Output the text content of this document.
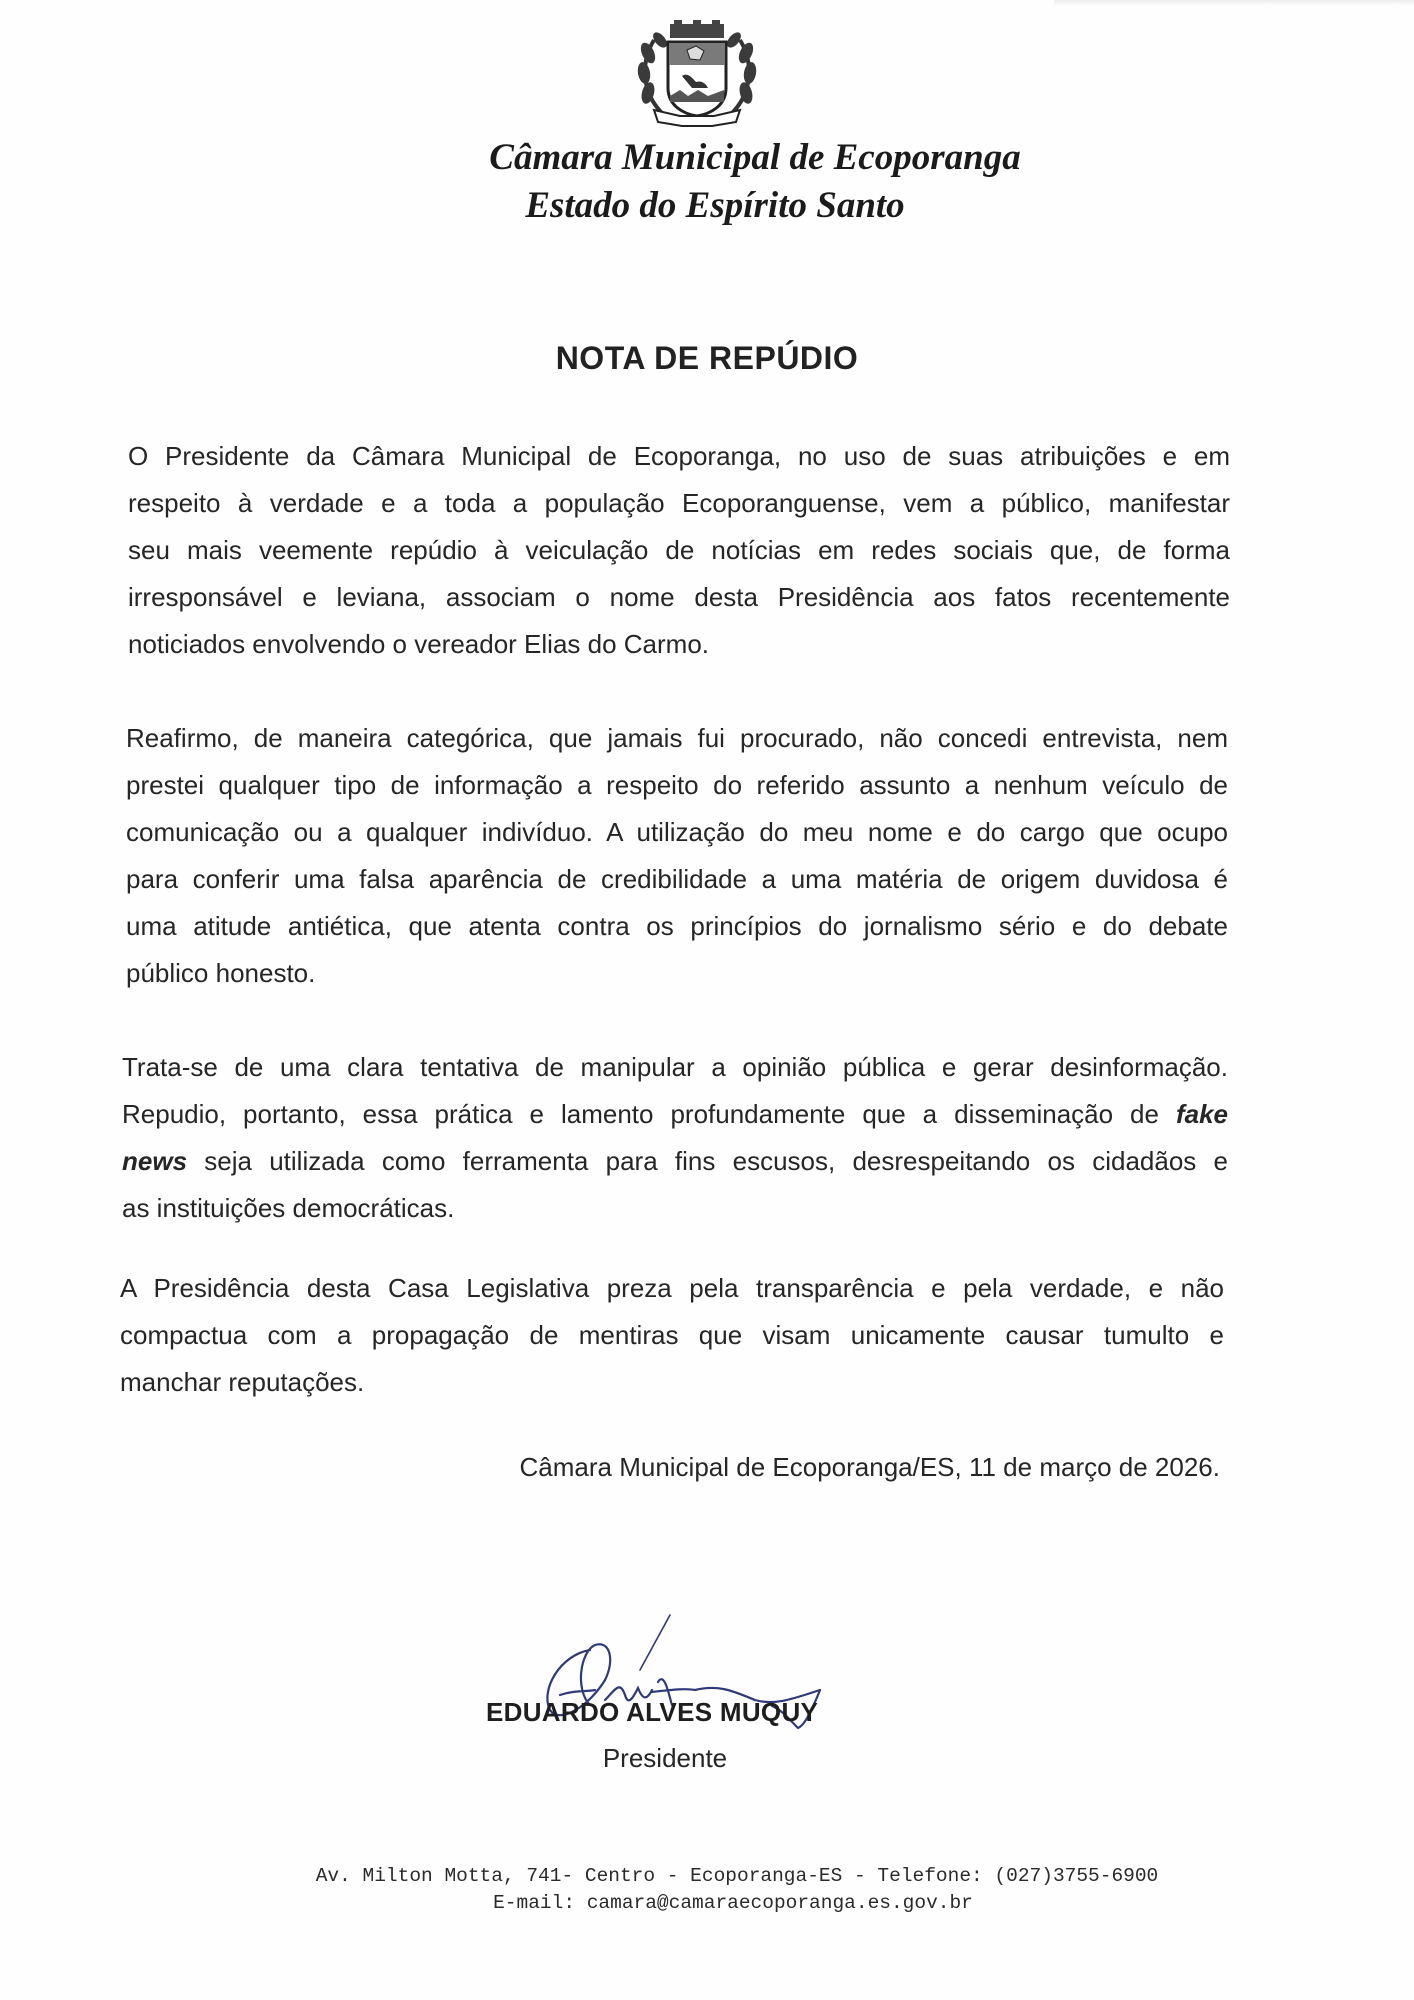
Câmara Municipal de Ecoporanga
Estado do Espírito Santo
NOTA DE REPÚDIO
O Presidente da Câmara Municipal de Ecoporanga, no uso de suas atribuições e em
respeito à verdade e a toda a população Ecoporanguense, vem a público, manifestar
seu mais veemente repúdio à veiculação de notícias em redes sociais que, de forma
irresponsável e leviana, associam o nome desta Presidência aos fatos recentemente
noticiados envolvendo o vereador Elias do Carmo.
Reafirmo, de maneira categórica, que jamais fui procurado, não concedi entrevista, nem
prestei qualquer tipo de informação a respeito do referido assunto a nenhum veículo de
comunicação ou a qualquer indivíduo. A utilização do meu nome e do cargo que ocupo
para conferir uma falsa aparência de credibilidade a uma matéria de origem duvidosa é
uma atitude antiética, que atenta contra os princípios do jornalismo sério e do debate
público honesto.
Trata-se de uma clara tentativa de manipular a opinião pública e gerar desinformação.
Repudio, portanto, essa prática e lamento profundamente que a disseminação de fake
news seja utilizada como ferramenta para fins escusos, desrespeitando os cidadãos e
as instituições democráticas.
A Presidência desta Casa Legislativa preza pela transparência e pela verdade, e não
compactua com a propagação de mentiras que visam unicamente causar tumulto e
manchar reputações.
Câmara Municipal de Ecoporanga/ES, 11 de março de 2026.
EDUARDO ALVES MUQUY
Presidente
Av. Milton Motta, 741- Centro - Ecoporanga-ES - Telefone: (027)3755-6900
E-mail: camara@camaraecoporanga.es.gov.br
